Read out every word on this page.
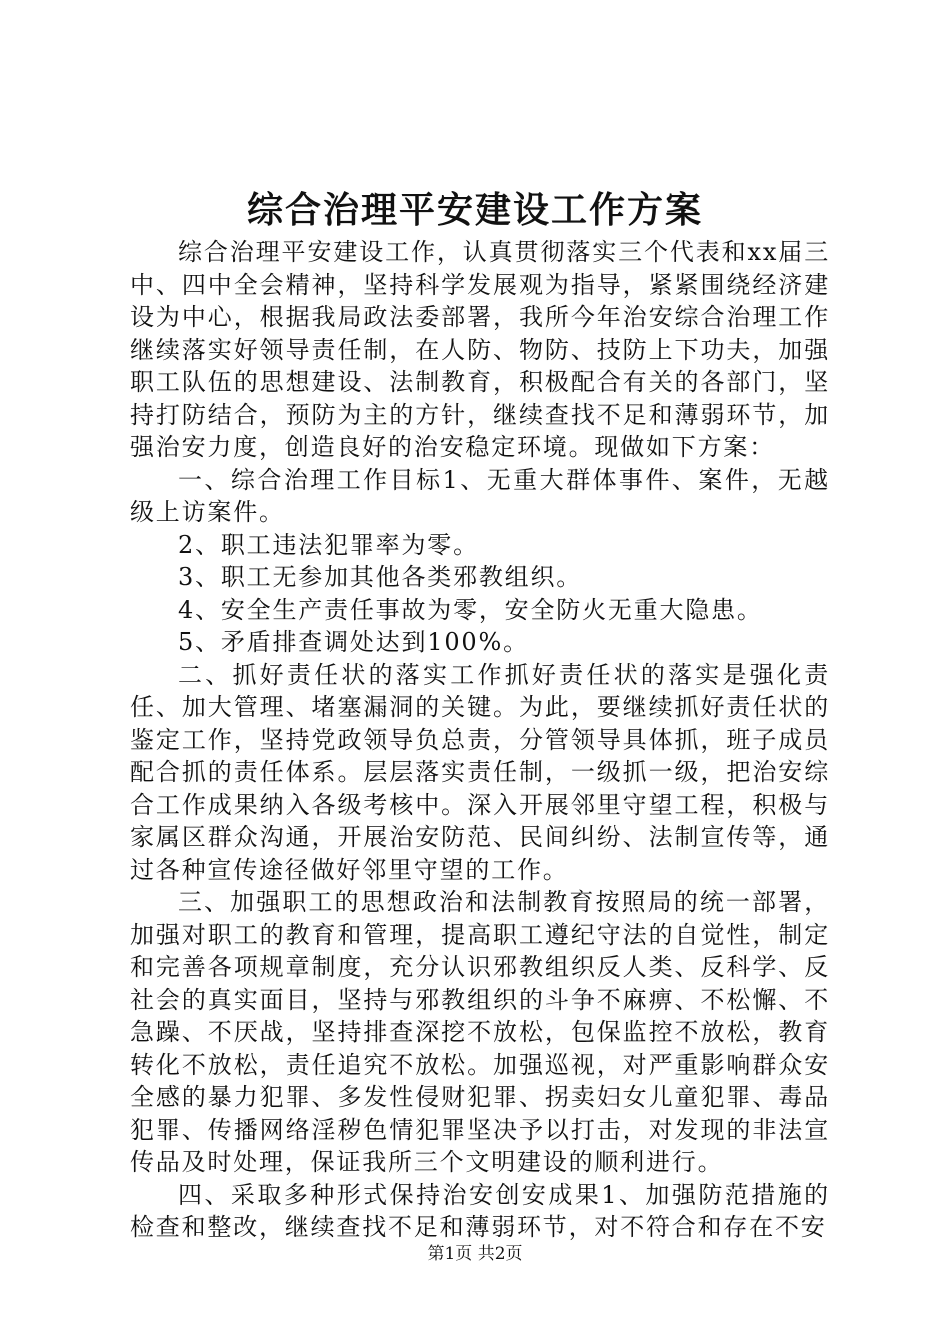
综合治理平安建设工作方案

综合治理平安建设工作，认真贯彻落实三个代表和xx届三中、四中全会精神，坚持科学发展观为指导，紧紧围绕经济建设为中心，根据我局政法委部署，我所今年治安综合治理工作继续落实好领导责任制，在人防、物防、技防上下功夫，加强职工队伍的思想建设、法制教育，积极配合有关的各部门，坚持打防结合，预防为主的方针，继续查找不足和薄弱环节，加强治安力度，创造良好的治安稳定环境。现做如下方案：

一、综合治理工作目标1、无重大群体事件、案件，无越级上访案件。

2、职工违法犯罪率为零。

3、职工无参加其他各类邪教组织。

4、安全生产责任事故为零，安全防火无重大隐患。

5、矛盾排查调处达到100%。

二、抓好责任状的落实工作抓好责任状的落实是强化责任、加大管理、堵塞漏洞的关键。为此，要继续抓好责任状的鉴定工作，坚持党政领导负总责，分管领导具体抓，班子成员配合抓的责任体系。层层落实责任制，一级抓一级，把治安综合工作成果纳入各级考核中。深入开展邻里守望工程，积极与家属区群众沟通，开展治安防范、民间纠纷、法制宣传等，通过各种宣传途径做好邻里守望的工作。

三、加强职工的思想政治和法制教育按照局的统一部署，加强对职工的教育和管理，提高职工遵纪守法的自觉性，制定和完善各项规章制度，充分认识邪教组织反人类、反科学、反社会的真实面目，坚持与邪教组织的斗争不麻痹、不松懈、不急躁、不厌战，坚持排查深挖不放松，包保监控不放松，教育转化不放松，责任追究不放松。加强巡视，对严重影响群众安全感的暴力犯罪、多发性侵财犯罪、拐卖妇女儿童犯罪、毒品犯罪、传播网络淫秽色情犯罪坚决予以打击，对发现的非法宣传品及时处理，保证我所三个文明建设的顺利进行。

四、采取多种形式保持治安创安成果1、加强防范措施的检查和整改，继续查找不足和薄弱环节，对不符合和存在不安

第1页 共2页
